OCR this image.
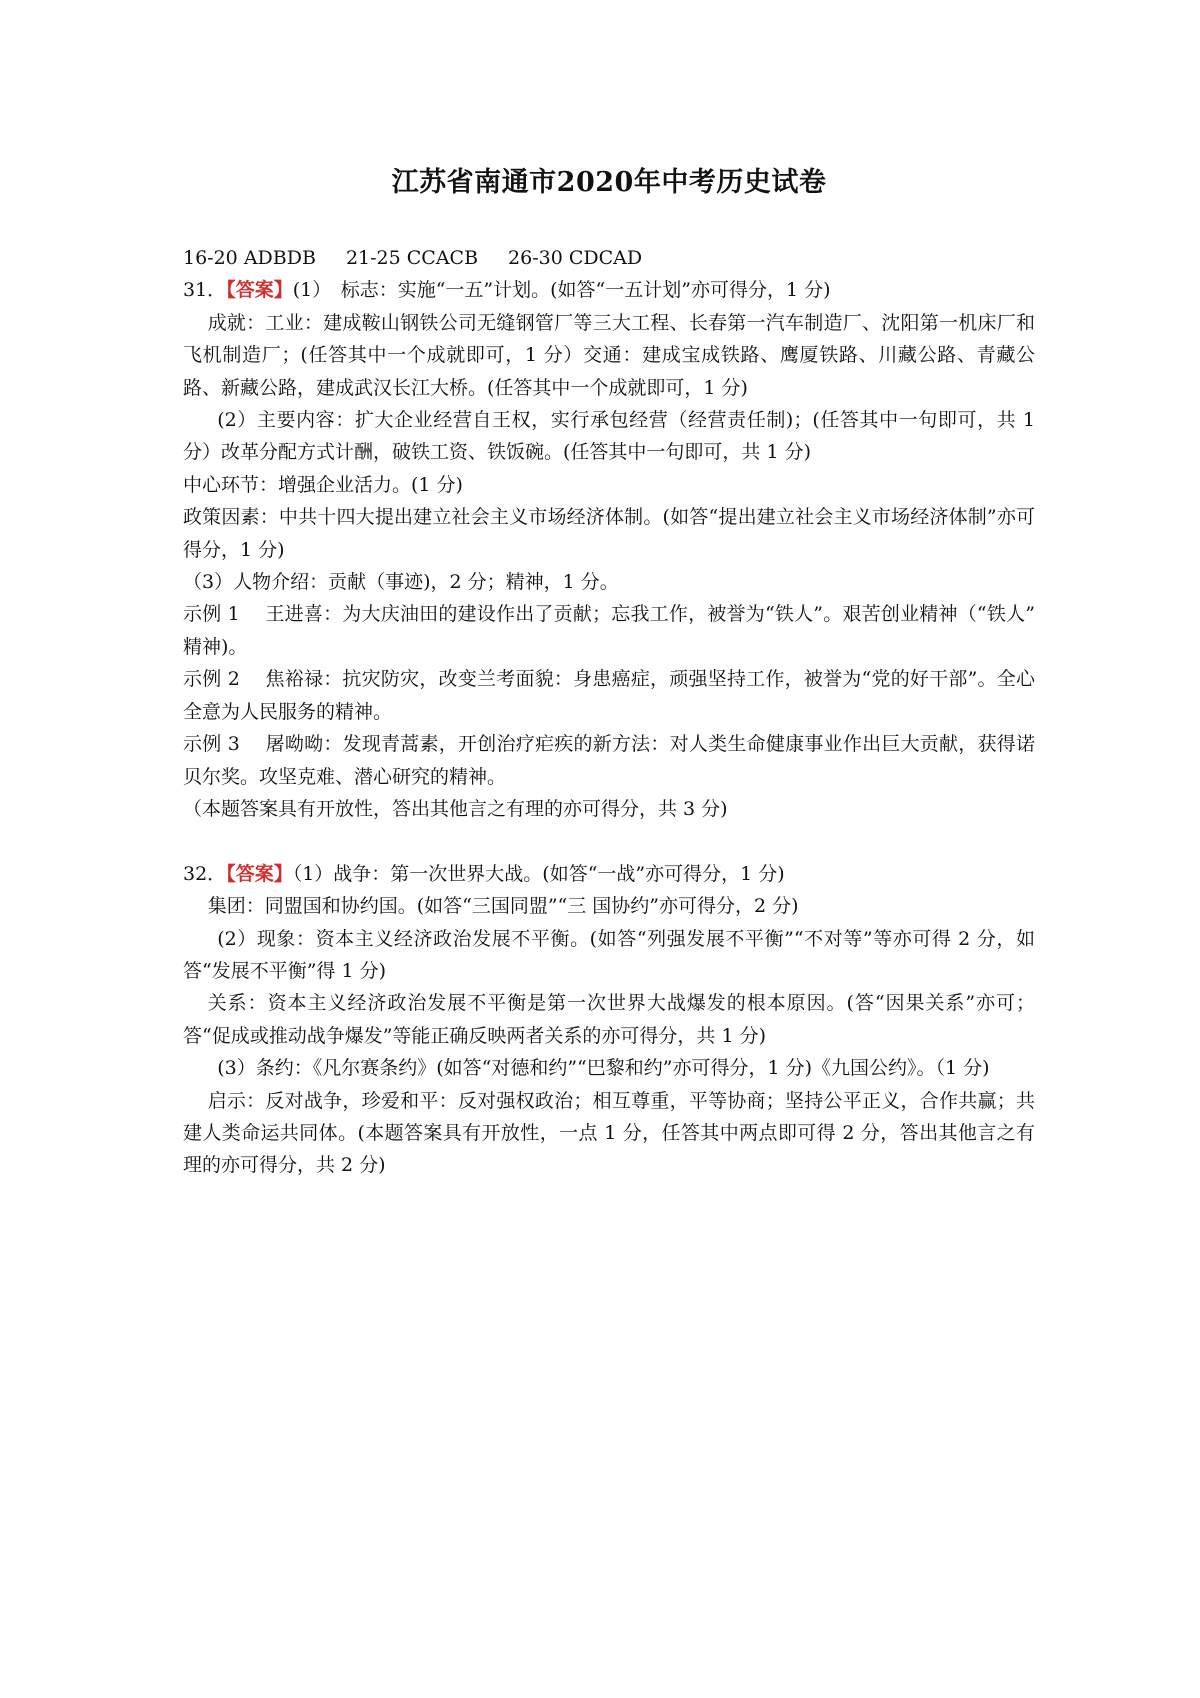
江苏省南通市2020年中考历史试卷

16-20 ADBDB 21-25 CCACB 26-30 CDCAD

31．【答案】(1）　标志：实施“一五”计划。(如答“一五计划”亦可得分，1 分)

成就：工业：建成鞍山钢铁公司无缝钢管厂等三大工程、长春第一汽车制造厂、沈阳第一机床厂和飞机制造厂；(任答其中一个成就即可，1 分）交通：建成宝成铁路、鹰厦铁路、川藏公路、青藏公路、新藏公路，建成武汉长江大桥。(任答其中一个成就即可，1 分)

(2）主要内容：扩大企业经营自王权，实行承包经营（经营责任制)；(任答其中一句即可，共 1 分）改革分配方式计酬，破铁工资、铁饭碗。(任答其中一句即可，共 1 分)

中心环节：增强企业活力。(1 分)

政策因素：中共十四大提出建立社会主义市场经济体制。(如答“提出建立社会主义市场经济体制”亦可得分，1 分)

（3）人物介绍：贡献（事迹)，2 分；精神，1 分。

示例 1　 王进喜：为大庆油田的建设作出了贡献；忘我工作，被誉为“铁人”。艰苦创业精神（“铁人” 精神)。

示例 2　 焦裕禄：抗灾防灾，改变兰考面貌：身患癌症，顽强坚持工作，被誉为“党的好干部”。全心全意为人民服务的精神。

示例 3　 屠呦呦：发现青蒿素，开创治疗疟疾的新方法：对人类生命健康事业作出巨大贡献，获得诺贝尔奖。攻坚克难、潜心研究的精神。

（本题答案具有开放性，答出其他言之有理的亦可得分，共 3 分)

32．【答案】（1）战争：第一次世界大战。(如答“一战”亦可得分，1 分)

集团：同盟国和协约国。(如答“三国同盟”“三 国协约”亦可得分，2 分)

(2）现象：资本主义经济政治发展不平衡。(如答“列强发展不平衡”“不对等”等亦可得 2 分，如答“发展不平衡”得 1 分)

关系：资本主义经济政治发展不平衡是第一次世界大战爆发的根本原因。(答“因果关系”亦可；答“促成或推动战争爆发”等能正确反映两者关系的亦可得分，共 1 分)

(3）条约：《凡尔赛条约》(如答“对德和约”“巴黎和约”亦可得分，1 分)《九国公约》。（1 分)

启示：反对战争，珍爱和平：反对强权政治；相互尊重，平等协商；坚持公平正义，合作共赢；共建人类命运共同体。(本题答案具有开放性，一点 1 分，任答其中两点即可得 2 分，答出其他言之有理的亦可得分，共 2 分)
